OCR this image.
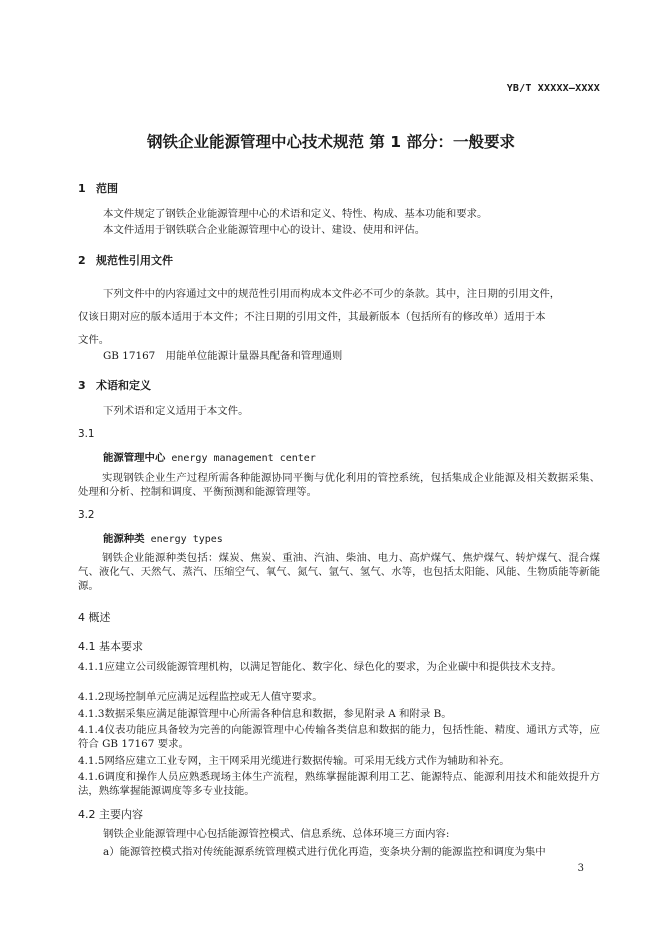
YB/T XXXXX—XXXX
钢铁企业能源管理中心技术规范 第 1 部分：一般要求
1 范围
本文件规定了钢铁企业能源管理中心的术语和定义、特性、构成、基本功能和要求。
本文件适用于钢铁联合企业能源管理中心的设计、建设、使用和评估。
2 规范性引用文件
下列文件中的内容通过文中的规范性引用而构成本文件必不可少的条款。其中，注日期的引用文件，
仅该日期对应的版本适用于本文件；不注日期的引用文件，其最新版本（包括所有的修改单）适用于本
文件。
GB 17167　用能单位能源计量器具配备和管理通则
3 术语和定义
下列术语和定义适用于本文件。
3.1
能源管理中心 energy management center
实现钢铁企业生产过程所需各种能源协同平衡与优化利用的管控系统，包括集成企业能源及相关数据采集、处理和分析、控制和调度、平衡预测和能源管理等。
3.2
能源种类 energy types
钢铁企业能源种类包括：煤炭、焦炭、重油、汽油、柴油、电力、高炉煤气、焦炉煤气、转炉煤气、混合煤气、液化气、天然气、蒸汽、压缩空气、氧气、氮气、氩气、氢气、水等，也包括太阳能、风能、生物质能等新能源。
4 概述
4.1 基本要求
4.1.1应建立公司级能源管理机构，以满足智能化、数字化、绿色化的要求，为企业碳中和提供技术支持。
4.1.2现场控制单元应满足远程监控或无人值守要求。
4.1.3数据采集应满足能源管理中心所需各种信息和数据，参见附录 A 和附录 B。
4.1.4仪表功能应具备较为完善的向能源管理中心传输各类信息和数据的能力，包括性能、精度、通讯方式等，应符合 GB 17167 要求。
4.1.5网络应建立工业专网，主干网采用光缆进行数据传输。可采用无线方式作为辅助和补充。
4.1.6调度和操作人员应熟悉现场主体生产流程，熟练掌握能源利用工艺、能源特点、能源利用技术和能效提升方法，熟练掌握能源调度等多专业技能。
4.2 主要内容
钢铁企业能源管理中心包括能源管控模式、信息系统、总体环境三方面内容:
a）能源管控模式指对传统能源系统管理模式进行优化再造，变条块分割的能源监控和调度为集中
3
